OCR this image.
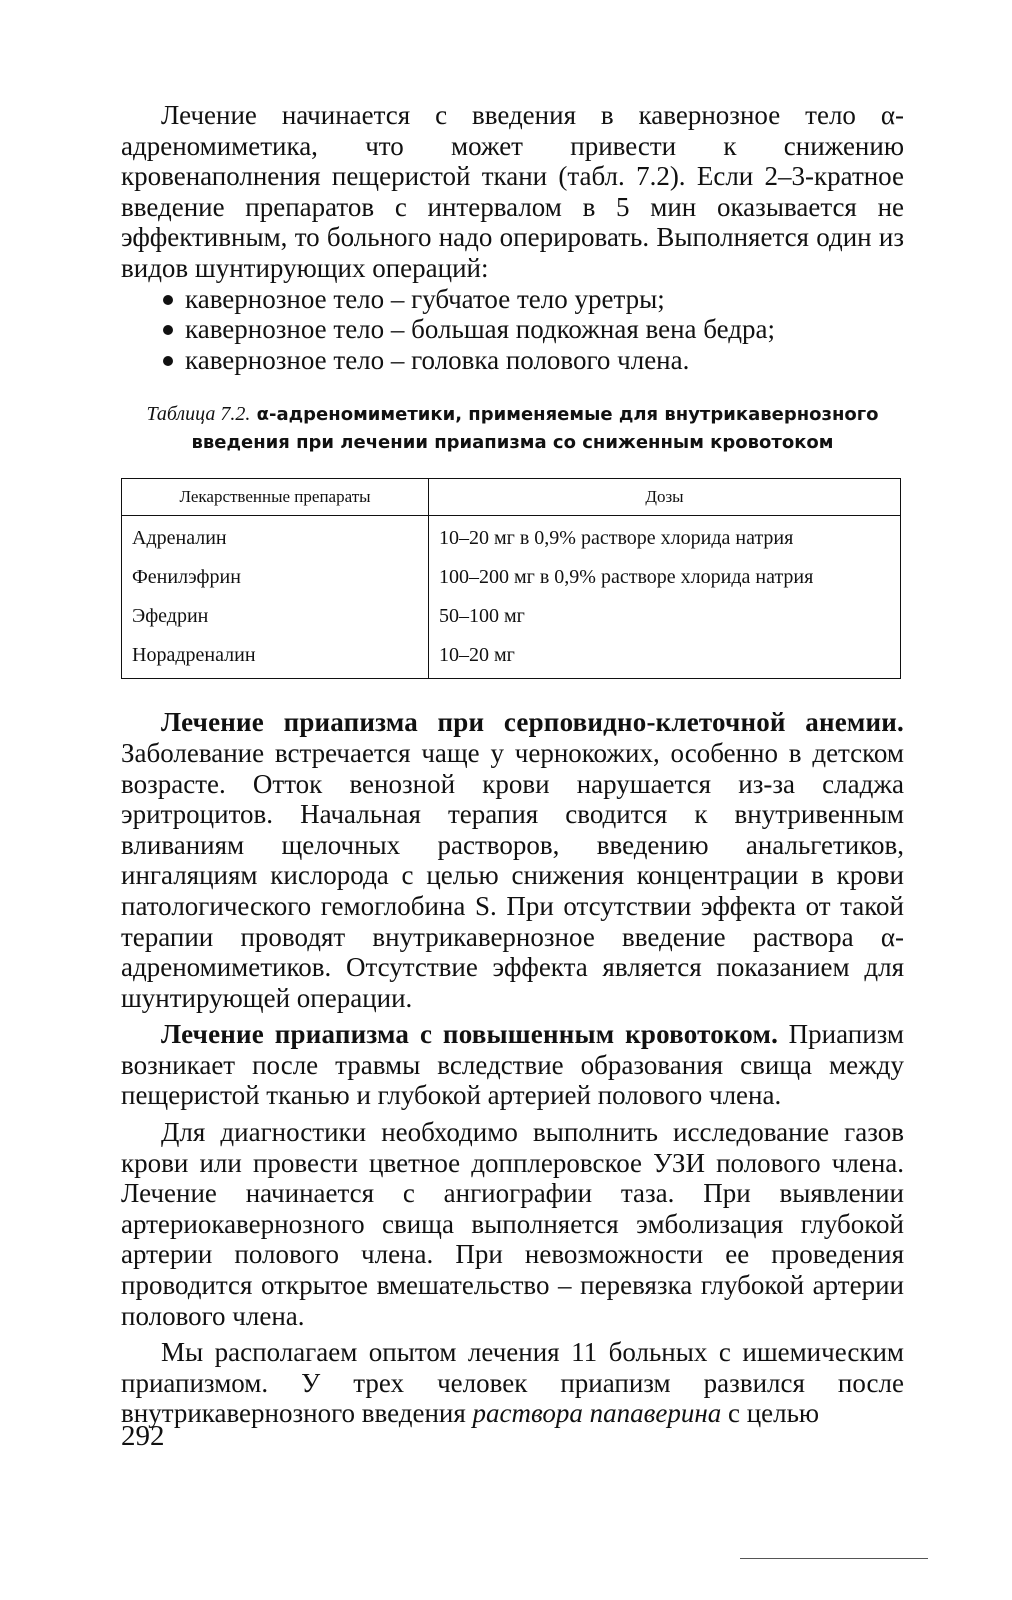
Лечение начинается с введения в кавернозное тело α-адреномиметика, что может привести к снижению кровенаполнения пещеристой ткани (табл. 7.2). Если 2–3-кратное введение препаратов с интервалом в 5 мин оказывается не эффективным, то больного надо оперировать. Выполняется один из видов шунтирующих операций:

кавернозное тело – губчатое тело уретры;
кавернозное тело – большая подкожная вена бедра;
кавернозное тело – головка полового члена.
Таблица 7.2. α-адреномиметики, применяемые для внутрикавернозного введения при лечении приапизма со сниженным кровотоком
Лекарственные препараты	Дозы
Адреналин	10–20 мг в 0,9% растворе хлорида натрия
Фенилэфрин	100–200 мг в 0,9% растворе хлорида натрия
Эфедрин	50–100 мг
Норадреналин	10–20 мг

Лечение приапизма при серповидно-клеточной анемии. Заболевание встречается чаще у чернокожих, особенно в детском возрасте. Отток венозной крови нарушается из-за сладжа эритроцитов. Начальная терапия сводится к внутривенным вливаниям щелочных растворов, введению анальгетиков, ингаляциям кислорода с целью снижения концентрации в крови патологического гемоглобина S. При отсутствии эффекта от такой терапии проводят внутрикавернозное введение раствора α-адреномиметиков. Отсутствие эффекта является показанием для шунтирующей операции.

Лечение приапизма с повышенным кровотоком. Приапизм возникает после травмы вследствие образования свища между пещеристой тканью и глубокой артерией полового члена.

Для диагностики необходимо выполнить исследование газов крови или провести цветное допплеровское УЗИ полового члена. Лечение начинается с ангиографии таза. При выявлении артериокавернозного свища выполняется эмболизация глубокой артерии полового члена. При невозможности ее проведения проводится открытое вмешательство – перевязка глубокой артерии полового члена.

Мы располагаем опытом лечения 11 больных с ишемическим приапизмом. У трех человек приапизм развился после внутрикавернозного введения раствора папаверина с целью

292
